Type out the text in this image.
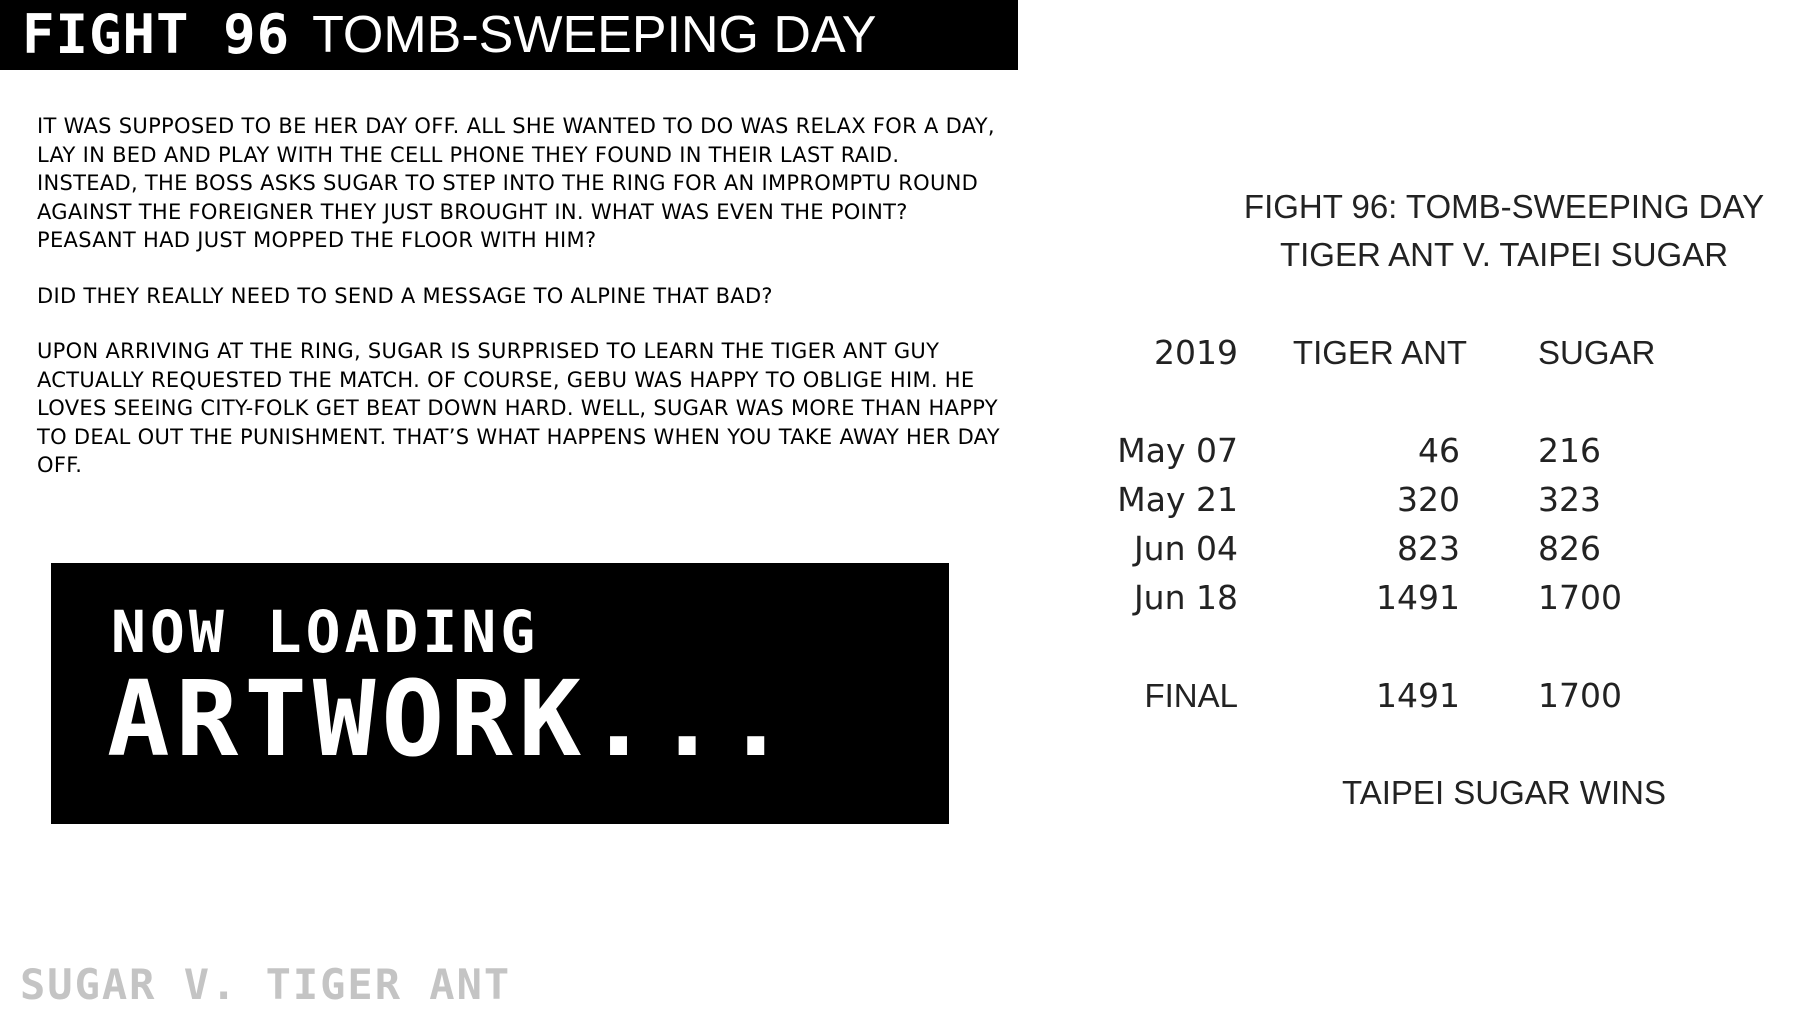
FIGHT 96 TOMB-SWEEPING DAY

IT WAS SUPPOSED TO BE HER DAY OFF. ALL SHE WANTED TO DO WAS RELAX FOR A DAY, LAY IN BED AND PLAY WITH THE CELL PHONE THEY FOUND IN THEIR LAST RAID. INSTEAD, THE BOSS ASKS SUGAR TO STEP INTO THE RING FOR AN IMPROMPTU ROUND AGAINST THE FOREIGNER THEY JUST BROUGHT IN. WHAT WAS EVEN THE POINT? PEASANT HAD JUST MOPPED THE FLOOR WITH HIM?

DID THEY REALLY NEED TO SEND A MESSAGE TO ALPINE THAT BAD?

UPON ARRIVING AT THE RING, SUGAR IS SURPRISED TO LEARN THE TIGER ANT GUY ACTUALLY REQUESTED THE MATCH. OF COURSE, GEBU WAS HAPPY TO OBLIGE HIM. HE LOVES SEEING CITY-FOLK GET BEAT DOWN HARD. WELL, SUGAR WAS MORE THAN HAPPY TO DEAL OUT THE PUNISHMENT. THAT’S WHAT HAPPENS WHEN YOU TAKE AWAY HER DAY OFF.

NOW LOADING
ARTWORK...
SUGAR V. TIGER ANT
FIGHT 96: TOMB-SWEEPING DAY
TIGER ANT V. TAIPEI SUGAR
2019	TIGER ANT	SUGAR
May 07	46 216
May 21	320 323
Jun 04	823 826
Jun 18	1491 1700
FINAL	1491 1700
TAIPEI SUGAR WINS
